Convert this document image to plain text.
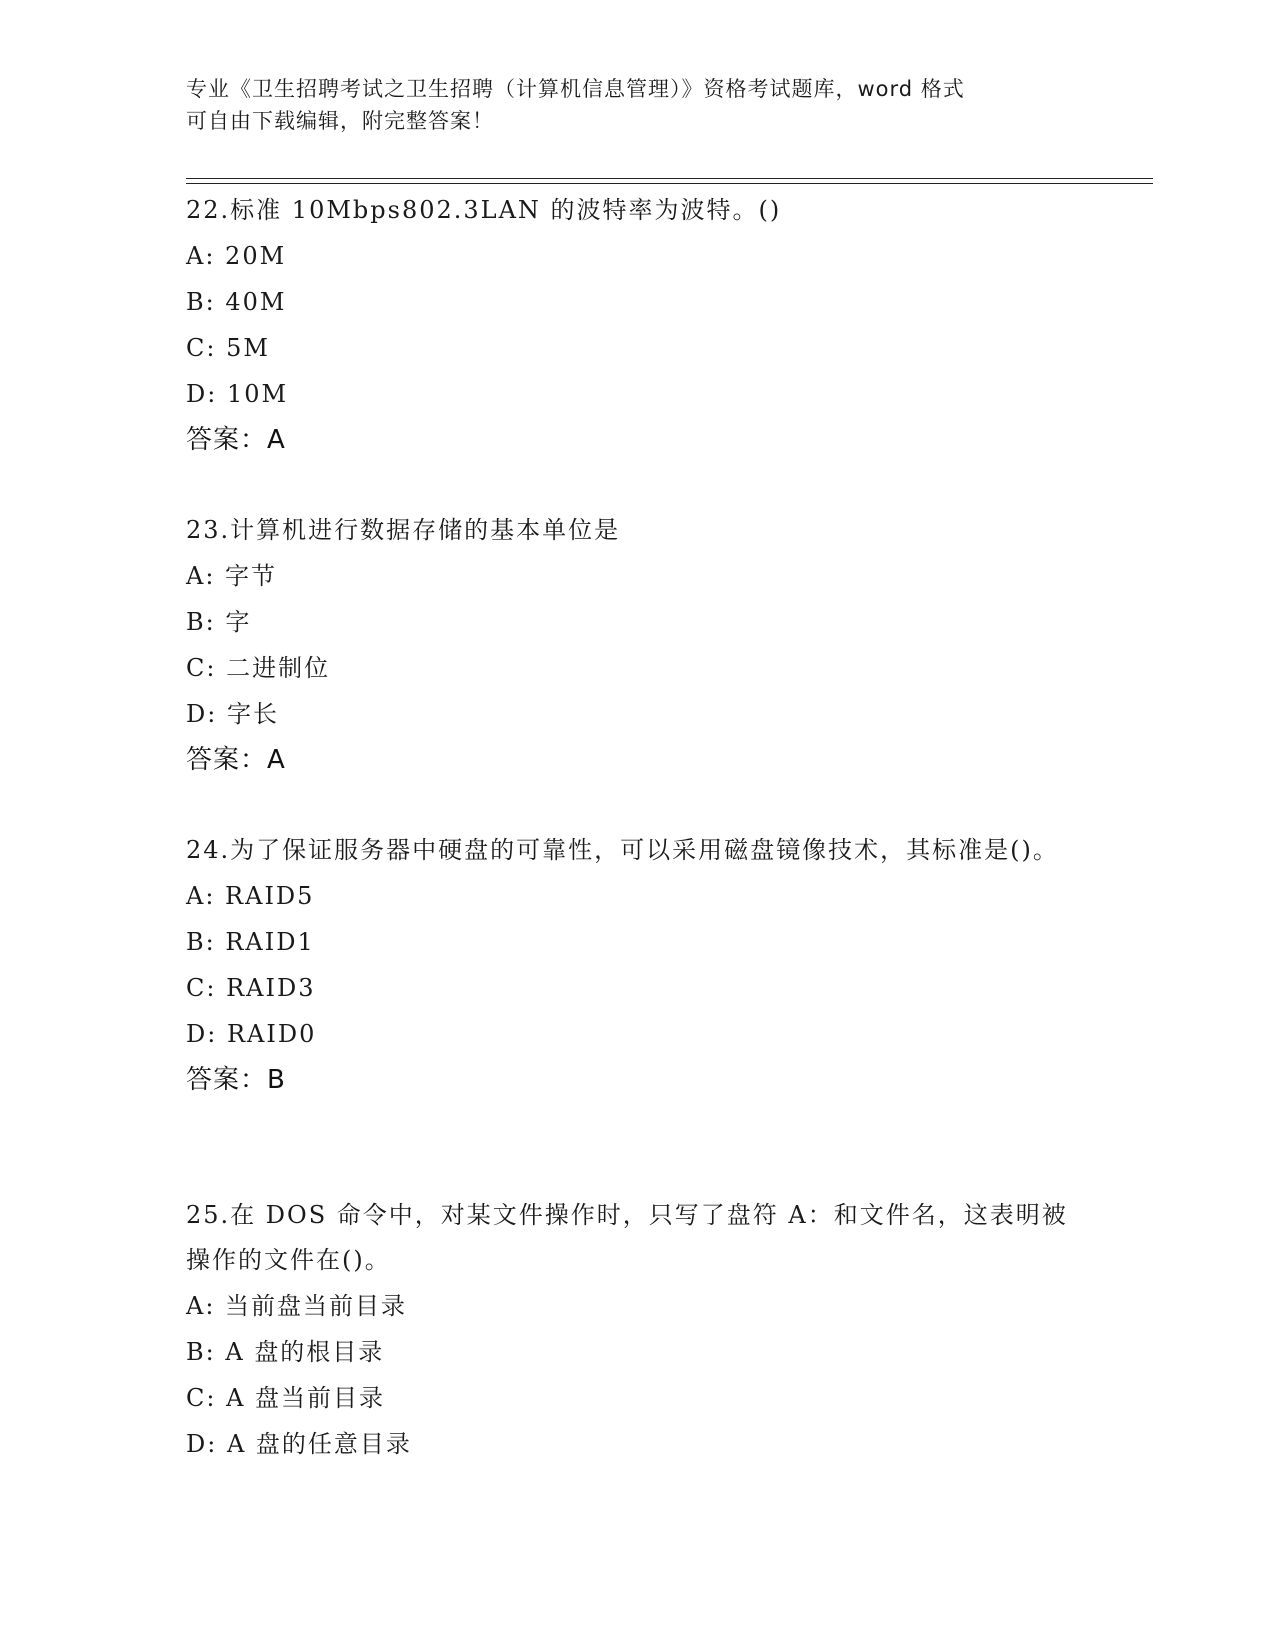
专业《卫生招聘考试之卫生招聘（计算机信息管理）》资格考试题库，word 格式
可自由下载编辑，附完整答案！

22.标准 10Mbps802.3LAN 的波特率为波特。()

A: 20M

B: 40M

C: 5M

D: 10M

答案：A

23.计算机进行数据存储的基本单位是

A: 字节

B: 字

C: 二进制位

D: 字长

答案：A

24.为了保证服务器中硬盘的可靠性，可以采用磁盘镜像技术，其标准是()。

A: RAID5

B: RAID1

C: RAID3

D: RAID0

答案：B

25.在 DOS 命令中，对某文件操作时，只写了盘符 A：和文件名，这表明被操作的文件在()。

A: 当前盘当前目录

B: A 盘的根目录

C: A 盘当前目录

D: A 盘的任意目录
